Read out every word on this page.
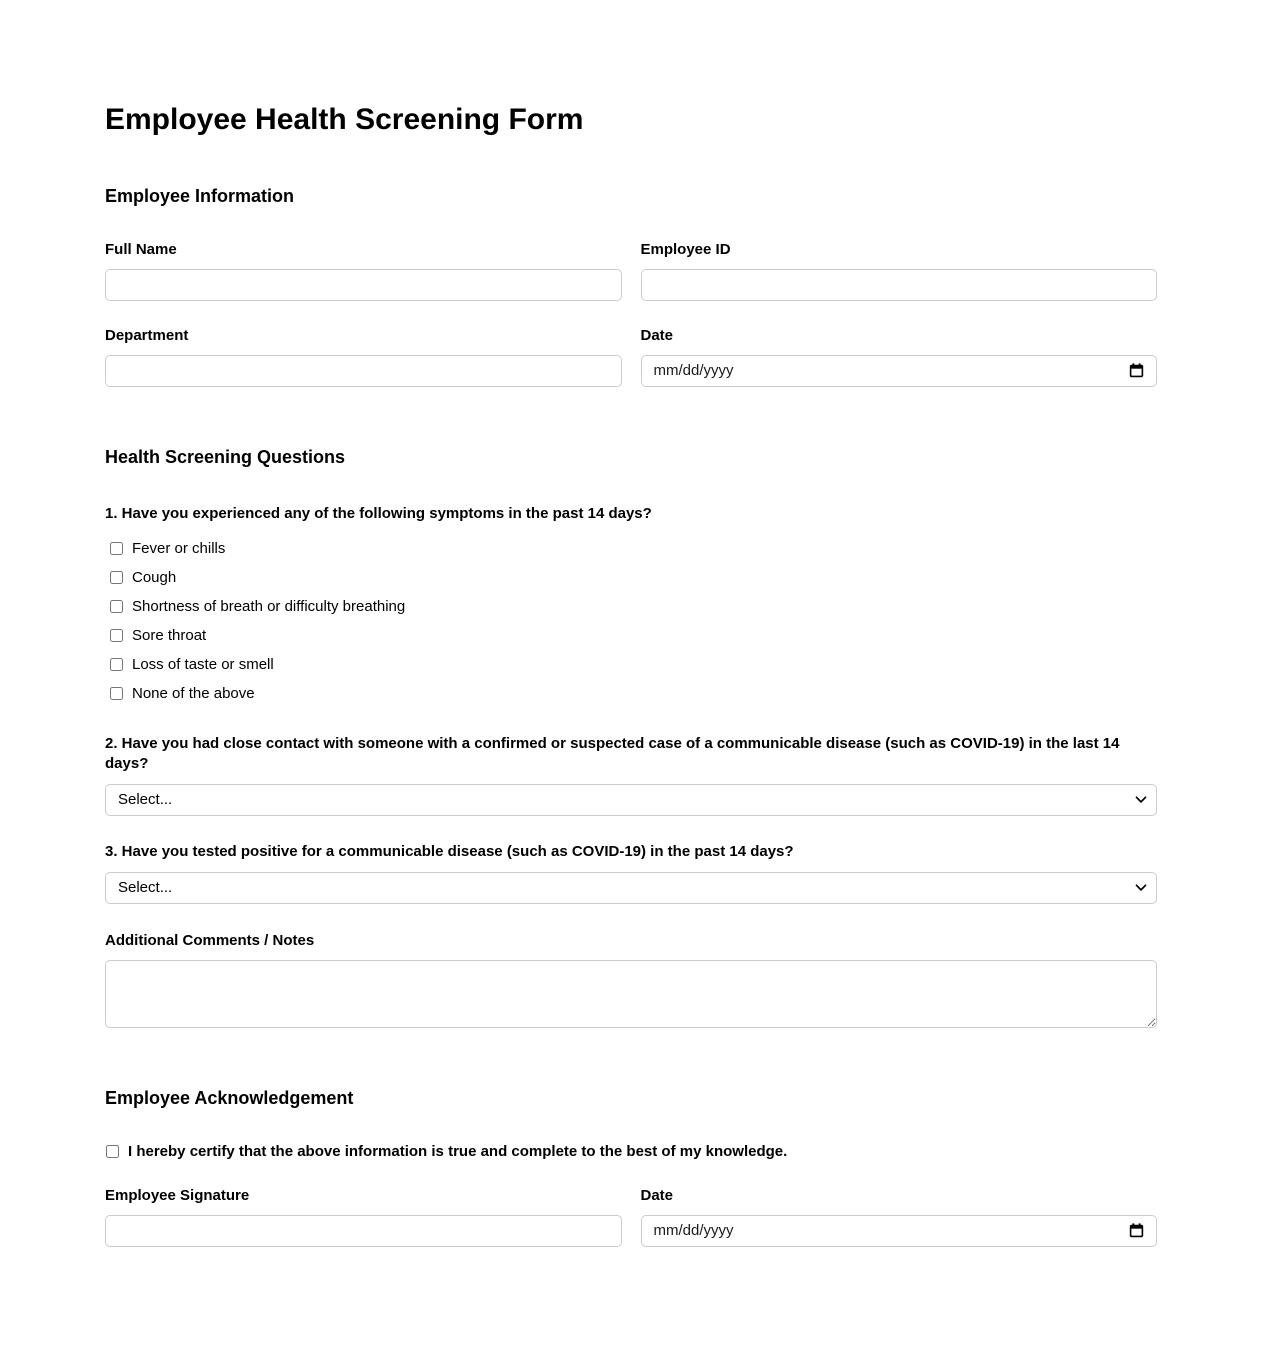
Employee Health Screening Form
Employee Information
Full Name	Employee ID
Department	Date
mm/dd/yyyy
Health Screening Questions

1. Have you experienced any of the following symptoms in the past 14 days?

Fever or chills
Cough
Shortness of breath or difficulty breathing
Sore throat
Loss of taste or smell
None of the above

2. Have you had close contact with someone with a confirmed or suspected case of a communicable disease (such as COVID-19) in the last 14 days?

Select...

3. Have you tested positive for a communicable disease (such as COVID-19) in the past 14 days?

Select...
Additional Comments / Notes
Employee Acknowledgement
I hereby certify that the above information is true and complete to the best of my knowledge.
Employee Signature	Date
mm/dd/yyyy
